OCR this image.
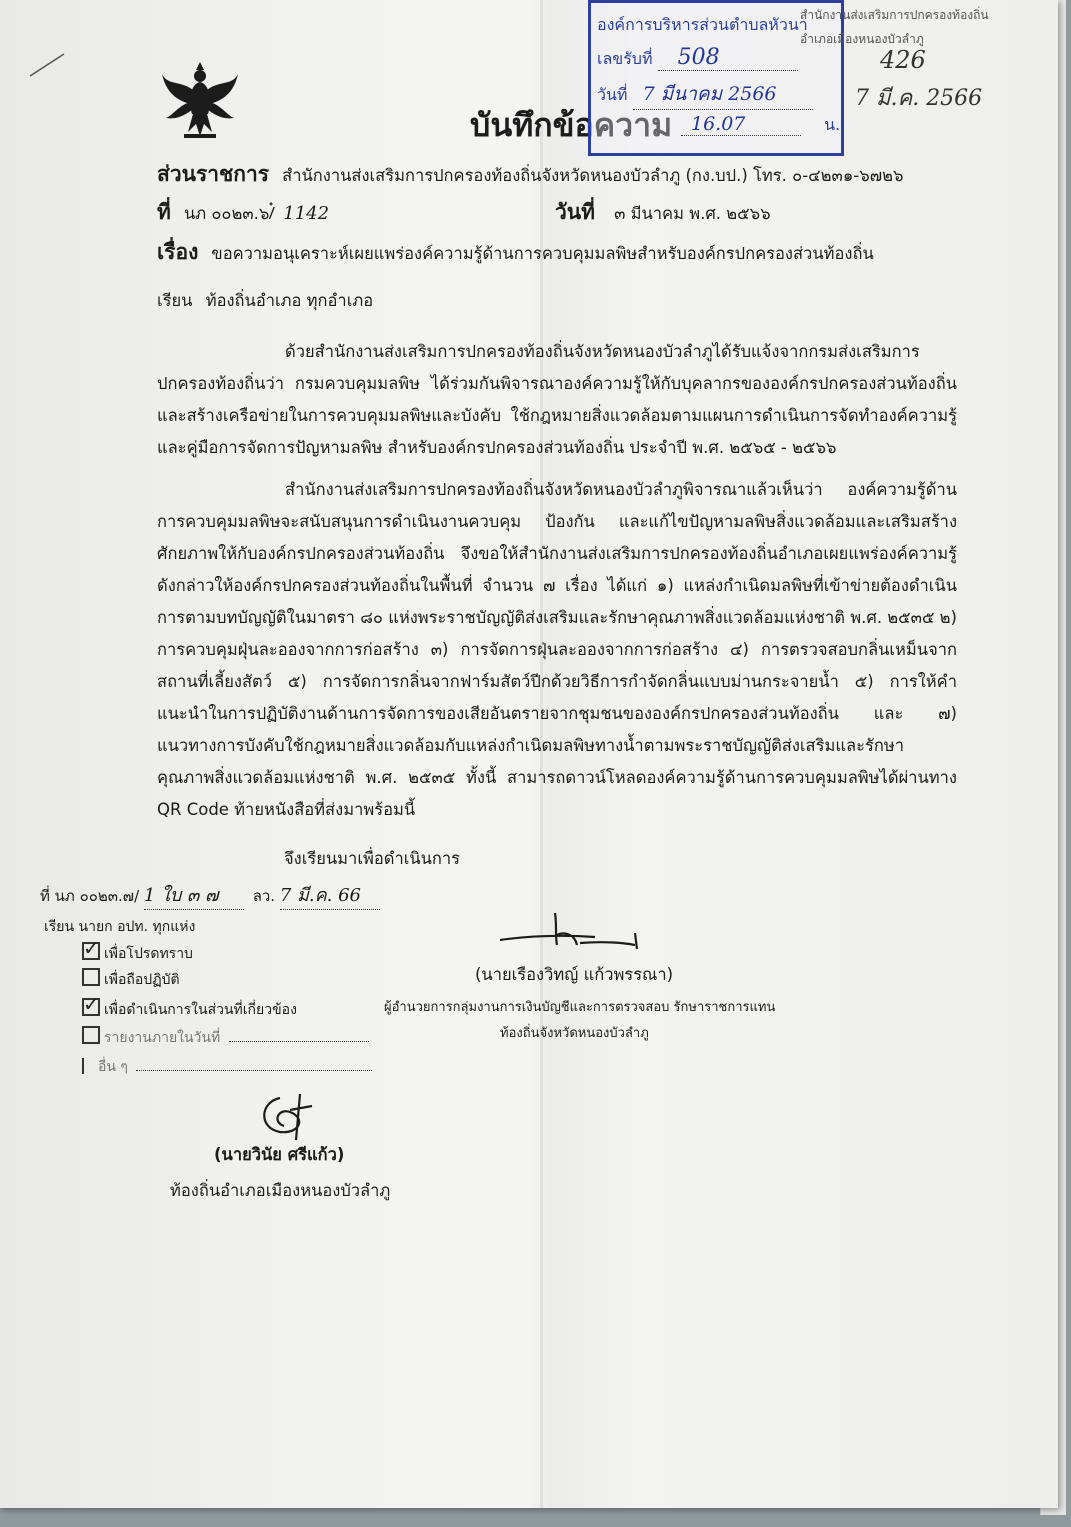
บันทึกข้อความ
องค์การบริหารส่วนตำบลหัวนา
เลขรับที่ 508
วันที่ 7 มีนาคม 2566
16.07	น.
สำนักงานส่งเสริมการปกครองท้องถิ่น
อำเภอเมืองหนองบัวลำภู
426
7 มี.ค. 2566
ส่วนราชการ สำนักงานส่งเสริมการปกครองท้องถิ่นจังหวัดหนองบัวลำภู (กง.บป.) โทร. ๐-๔๒๓๑-๖๗๒๖
ที่ นภ ๐๐๒๓.๖/๋ 1142	วันที่ ๓ มีนาคม พ.ศ. ๒๕๖๖
เรื่อง ขอความอนุเคราะห์เผยแพร่องค์ความรู้ด้านการควบคุมมลพิษสำหรับองค์กรปกครองส่วนท้องถิ่น
เรียน ท้องถิ่นอำเภอ ทุกอำเภอ

ด้วยสำนักงานส่งเสริมการปกครองท้องถิ่นจังหวัดหนองบัวลำภูได้รับแจ้งจากกรมส่งเสริมการปกครองท้องถิ่นว่า กรมควบคุมมลพิษ ได้ร่วมกันพิจารณาองค์ความรู้ให้กับบุคลากรขององค์กรปกครองส่วนท้องถิ่นและสร้างเครือข่ายในการควบคุมมลพิษและบังคับ ใช้กฎหมายสิ่งแวดล้อมตามแผนการดำเนินการจัดทำองค์ความรู้และคู่มือการจัดการปัญหามลพิษ สำหรับองค์กรปกครองส่วนท้องถิ่น ประจำปี พ.ศ. ๒๕๖๕ - ๒๕๖๖

สำนักงานส่งเสริมการปกครองท้องถิ่นจังหวัดหนองบัวลำภูพิจารณาแล้วเห็นว่า องค์ความรู้ด้านการควบคุมมลพิษจะสนับสนุนการดำเนินงานควบคุม ป้องกัน และแก้ไขปัญหามลพิษสิ่งแวดล้อมและเสริมสร้างศักยภาพให้กับองค์กรปกครองส่วนท้องถิ่น จึงขอให้สำนักงานส่งเสริมการปกครองท้องถิ่นอำเภอเผยแพร่องค์ความรู้ดังกล่าวให้องค์กรปกครองส่วนท้องถิ่นในพื้นที่ จำนวน ๗ เรื่อง ได้แก่ ๑) แหล่งกำเนิดมลพิษที่เข้าข่ายต้องดำเนินการตามบทบัญญัติในมาตรา ๘๐ แห่งพระราชบัญญัติส่งเสริมและรักษาคุณภาพสิ่งแวดล้อมแห่งชาติ พ.ศ. ๒๕๓๕ ๒) การควบคุมฝุ่นละอองจากการก่อสร้าง ๓) การจัดการฝุ่นละอองจากการก่อสร้าง ๔) การตรวจสอบกลิ่นเหม็นจากสถานที่เลี้ยงสัตว์ ๕) การจัดการกลิ่นจากฟาร์มสัตว์ปีกด้วยวิธีการกำจัดกลิ่นแบบม่านกระจายน้ำ ๕) การให้คำแนะนำในการปฏิบัติงานด้านการจัดการของเสียอันตรายจากชุมชนขององค์กรปกครองส่วนท้องถิ่น และ ๗) แนวทางการบังคับใช้กฎหมายสิ่งแวดล้อมกับแหล่งกำเนิดมลพิษทางน้ำตามพระราชบัญญัติส่งเสริมและรักษาคุณภาพสิ่งแวดล้อมแห่งชาติ พ.ศ. ๒๕๓๕ ทั้งนี้ สามารถดาวน์โหลดองค์ความรู้ด้านการควบคุมมลพิษได้ผ่านทาง QR Code ท้ายหนังสือที่ส่งมาพร้อมนี้

จึงเรียนมาเพื่อดำเนินการ
(นายเรืองวิทญ์ แก้วพรรณา)
ผู้อำนวยการกลุ่มงานการเงินบัญชีและการตรวจสอบ รักษาราชการแทน
ท้องถิ่นจังหวัดหนองบัวลำภู
ที่ นภ ๐๐๒๓.๗/ 1 ใบ ๓ ๗ ลว. 7 มี.ค. 66
เรียน นายก อปท. ทุกแห่ง
✓เพื่อโปรดทราบ
เพื่อถือปฏิบัติ
✓เพื่อดำเนินการในส่วนที่เกี่ยวข้อง
รายงานภายในวันที่
อื่น ๆ
(นายวินัย ศรีแก้ว)
ท้องถิ่นอำเภอเมืองหนองบัวลำภู
